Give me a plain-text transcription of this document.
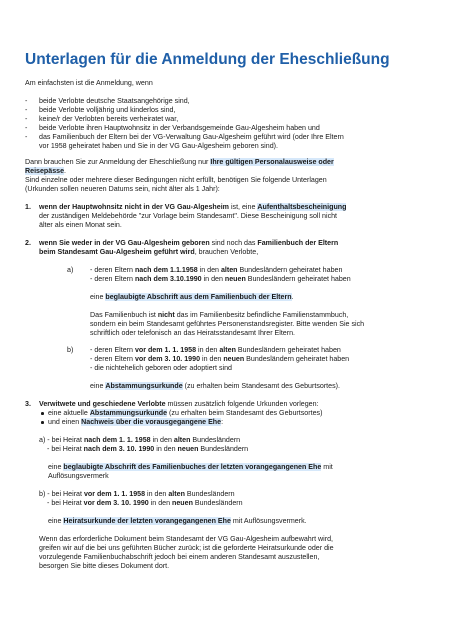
Unterlagen für die Anmeldung der Eheschließung
Am einfachsten ist die Anmeldung, wenn
- beide Verlobte deutsche Staatsangehörige sind,
- beide Verlobte volljährig und kinderlos sind,
- keine/r der Verlobten bereits verheiratet war,
- beide Verlobte ihren Hauptwohnsitz in der Verbandsgemeinde Gau-Algesheim haben und
- das Familienbuch der Eltern bei der VG-Verwaltung Gau-Algesheim geführt wird (oder Ihre Eltern
vor 1958 geheiratet haben und Sie in der VG Gau-Algesheim geboren sind).
Dann brauchen Sie zur Anmeldung der Eheschließung nur Ihre gültigen Personalausweise oder
Reisepässe.
Sind einzelne oder mehrere dieser Bedingungen nicht erfüllt, benötigen Sie folgende Unterlagen
(Urkunden sollen neueren Datums sein, nicht älter als 1 Jahr):
1. wenn der Hauptwohnsitz nicht in der VG Gau-Algesheim ist, eine Aufenthaltsbescheinigung
der zuständigen Meldebehörde "zur Vorlage beim Standesamt". Diese Bescheinigung soll nicht
älter als einen Monat sein.
2. wenn Sie weder in der VG Gau-Algesheim geboren sind noch das Familienbuch der Eltern
beim Standesamt Gau-Algesheim geführt wird, brauchen Verlobte,
a) - deren Eltern nach dem 1.1.1958 in den alten Bundesländern geheiratet haben
- deren Eltern nach dem 3.10.1990 in den neuen Bundesländern geheiratet haben
eine beglaubigte Abschrift aus dem Familienbuch der Eltern.
Das Familienbuch ist nicht das im Familienbesitz befindliche Familienstammbuch,
sondern ein beim Standesamt geführtes Personenstandsregister. Bitte wenden Sie sich
schriftlich oder telefonisch an das Heiratsstandesamt Ihrer Eltern.
b) - deren Eltern vor dem 1. 1. 1958 in den alten Bundesländern geheiratet haben
- deren Eltern vor dem 3. 10. 1990 in den neuen Bundesländern geheiratet haben
- die nichtehelich geboren oder adoptiert sind
eine Abstammungsurkunde (zu erhalten beim Standesamt des Geburtsortes).
3. Verwitwete und geschiedene Verlobte müssen zusätzlich folgende Urkunden vorlegen:
eine aktuelle Abstammungsurkunde (zu erhalten beim Standesamt des Geburtsortes)
und einen Nachweis über die vorausgegangene Ehe:
a) - bei Heirat nach dem 1. 1. 1958 in den alten Bundesländern
- bei Heirat nach dem 3. 10. 1990 in den neuen Bundesländern
eine beglaubigte Abschrift des Familienbuches der letzten vorangegangenen Ehe mit
Auflösungsvermerk
b) - bei Heirat vor dem 1. 1. 1958 in den alten Bundesländern
- bei Heirat vor dem 3. 10. 1990 in den neuen Bundesländern
eine Heiratsurkunde der letzten vorangegangenen Ehe mit Auflösungsvermerk.
Wenn das erforderliche Dokument beim Standesamt der VG Gau-Algesheim aufbewahrt wird,
greifen wir auf die bei uns geführten Bücher zurück; ist die geforderte Heiratsurkunde oder die
vorzulegende Familienbuchabschrift jedoch bei einem anderen Standesamt auszustellen,
besorgen Sie bitte dieses Dokument dort.
